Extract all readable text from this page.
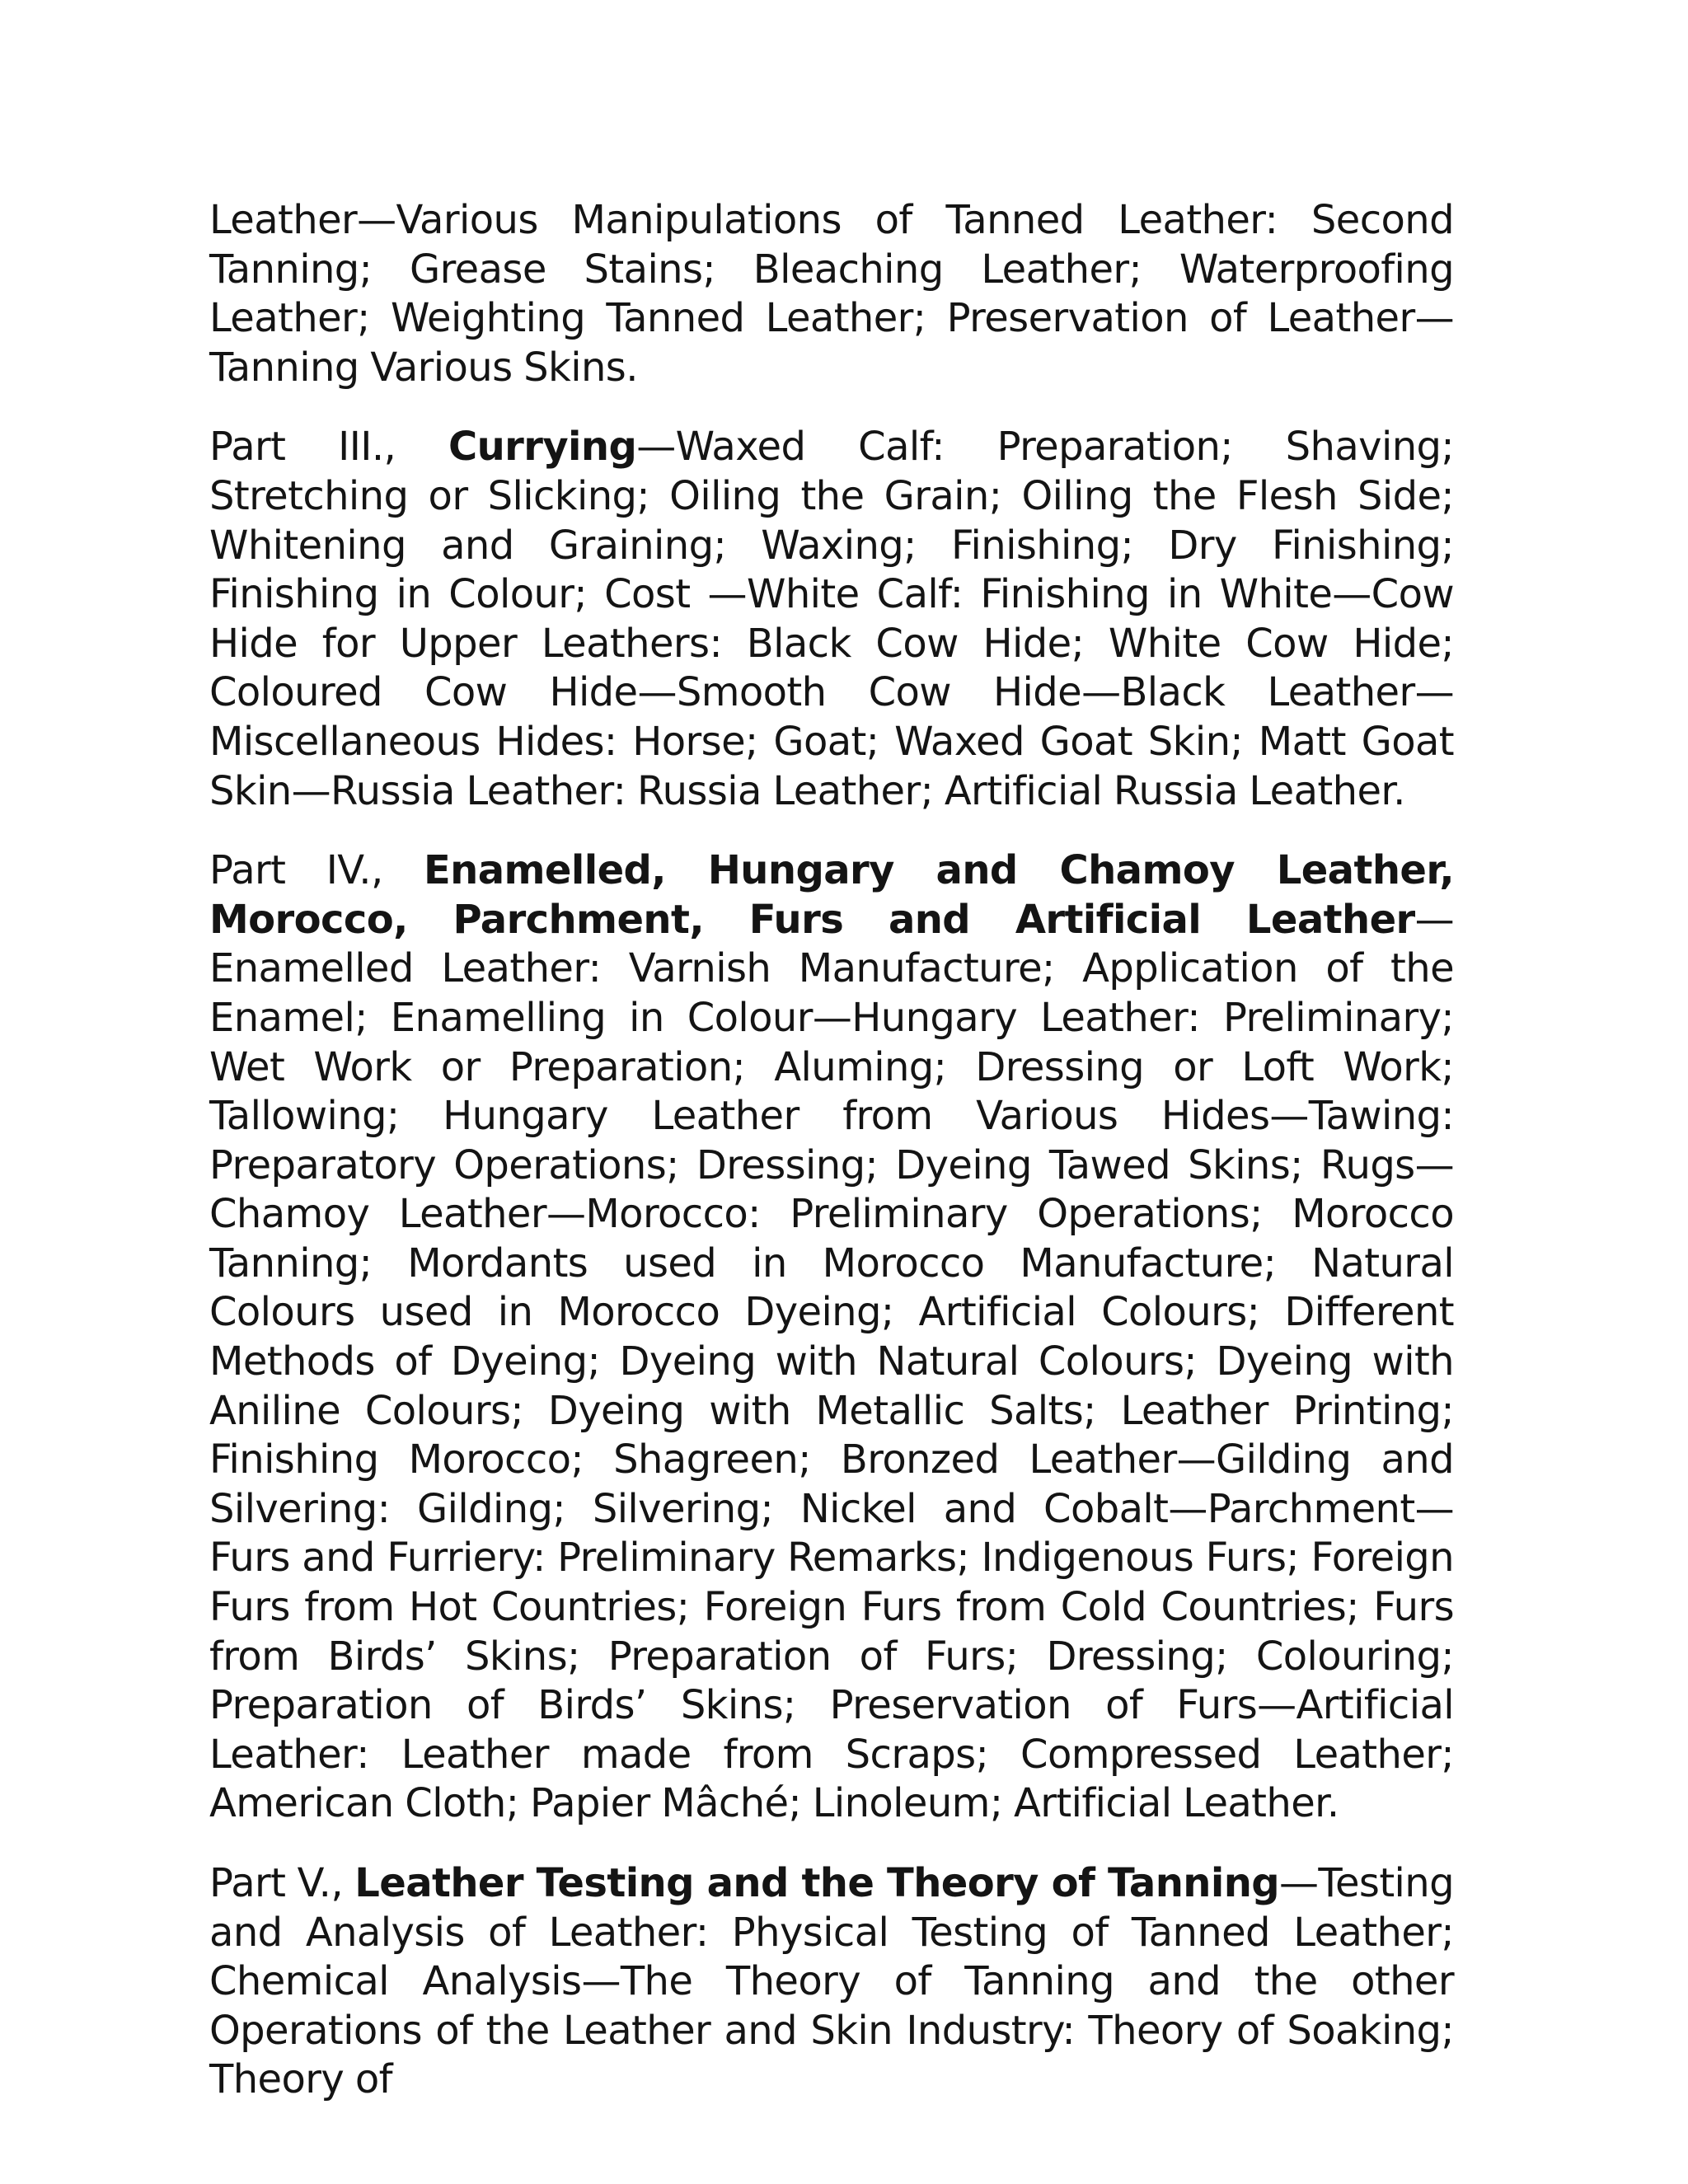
Leather—Various Manipulations of Tanned Leather: Second Tanning; Grease Stains; Bleaching Leather; Waterproofing Leather; Weighting Tanned Leather; Preservation of Leather—Tanning Various Skins.

Part III., Currying—Waxed Calf: Preparation; Shaving; Stretching or Slicking; Oiling the Grain; Oiling the Flesh Side; Whitening and Graining; Waxing; Finishing; Dry Finishing; Finishing in Colour; Cost —White Calf: Finishing in White—Cow Hide for Upper Leathers: Black Cow Hide; White Cow Hide; Coloured Cow Hide—Smooth Cow Hide—Black Leather—Miscellaneous Hides: Horse; Goat; Waxed Goat Skin; Matt Goat Skin—Russia Leather: Russia Leather; Artificial Russia Leather.

Part IV., Enamelled, Hungary and Chamoy Leather, Morocco, Parchment, Furs and Artificial Leather—Enamelled Leather: Varnish Manufacture; Application of the Enamel; Enamelling in Colour—Hungary Leather: Preliminary; Wet Work or Preparation; Aluming; Dressing or Loft Work; Tallowing; Hungary Leather from Various Hides—Tawing: Preparatory Operations; Dressing; Dyeing Tawed Skins; Rugs—Chamoy Leather—Morocco: Preliminary Operations; Morocco Tanning; Mordants used in Morocco Manufacture; Natural Colours used in Morocco Dyeing; Artificial Colours; Different Methods of Dyeing; Dyeing with Natural Colours; Dyeing with Aniline Colours; Dyeing with Metallic Salts; Leather Printing; Finishing Morocco; Shagreen; Bronzed Leather—Gilding and Silvering: Gilding; Silvering; Nickel and Cobalt—Parchment—Furs and Furriery: Preliminary Remarks; Indigenous Furs; Foreign Furs from Hot Countries; Foreign Furs from Cold Countries; Furs from Birds’ Skins; Preparation of Furs; Dressing; Colouring; Preparation of Birds’ Skins; Preservation of Furs—Artificial Leather: Leather made from Scraps; Compressed Leather; American Cloth; Papier Mâché; Linoleum; Artificial Leather.

Part V., Leather Testing and the Theory of Tanning—Testing and Analysis of Leather: Physical Testing of Tanned Leather; Chemical Analysis—The Theory of Tanning and the other Operations of the Leather and Skin Industry: Theory of Soaking; Theory of
